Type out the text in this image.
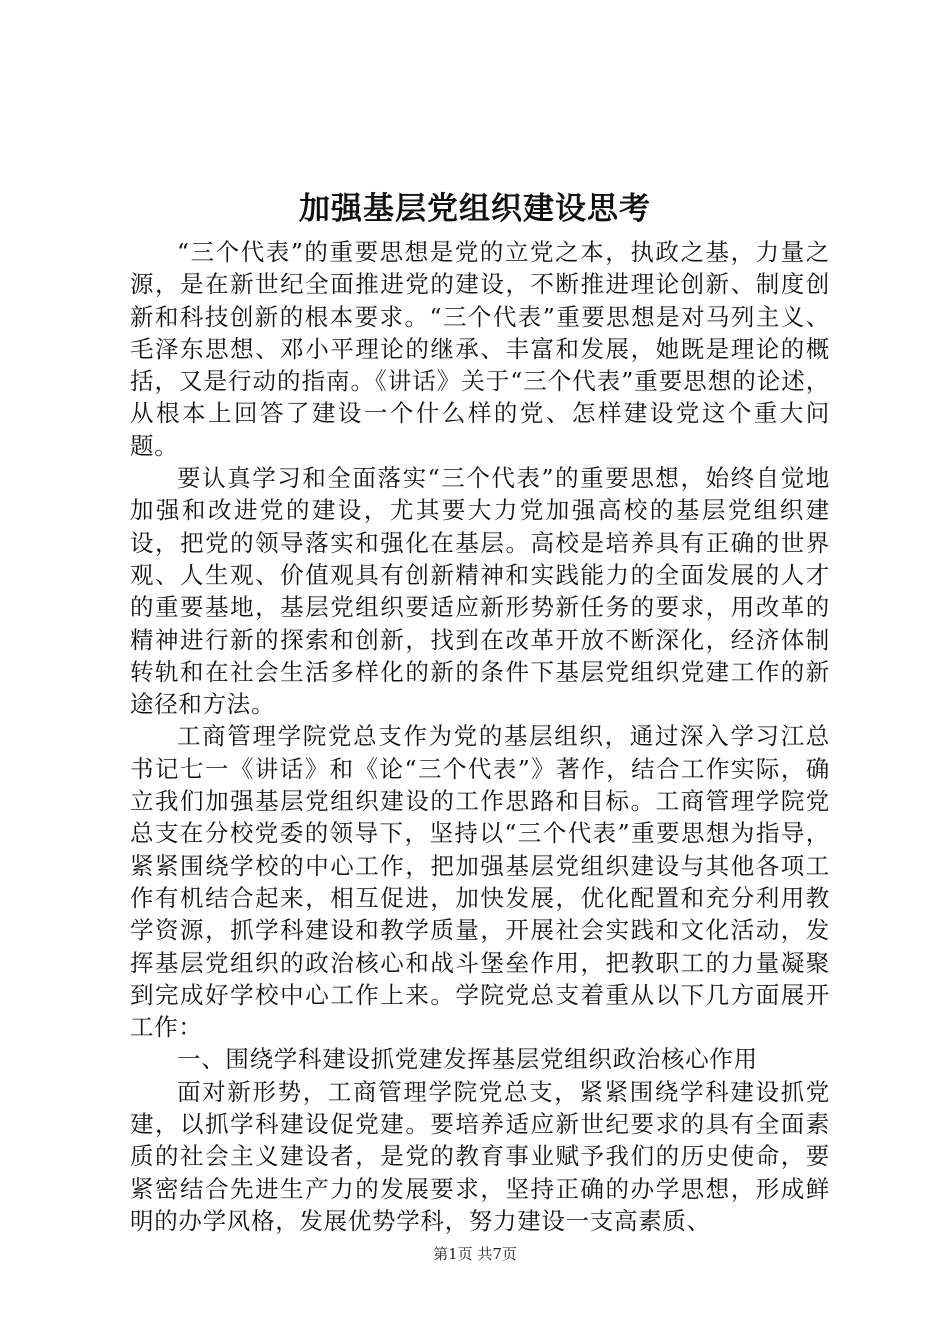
加强基层党组织建设思考

“三个代表”的重要思想是党的立党之本，执政之基，力量之源，是在新世纪全面推进党的建设，不断推进理论创新、制度创新和科技创新的根本要求。“三个代表”重要思想是对马列主义、毛泽东思想、邓小平理论的继承、丰富和发展，她既是理论的概括，又是行动的指南。《讲话》关于“三个代表”重要思想的论述，从根本上回答了建设一个什么样的党、怎样建设党这个重大问题。

要认真学习和全面落实“三个代表”的重要思想，始终自觉地加强和改进党的建设，尤其要大力党加强高校的基层党组织建设，把党的领导落实和强化在基层。高校是培养具有正确的世界观、人生观、价值观具有创新精神和实践能力的全面发展的人才的重要基地，基层党组织要适应新形势新任务的要求，用改革的精神进行新的探索和创新，找到在改革开放不断深化，经济体制转轨和在社会生活多样化的新的条件下基层党组织党建工作的新途径和方法。

工商管理学院党总支作为党的基层组织，通过深入学习江总书记七一《讲话》和《论“三个代表”》著作，结合工作实际，确立我们加强基层党组织建设的工作思路和目标。工商管理学院党总支在分校党委的领导下，坚持以“三个代表”重要思想为指导，紧紧围绕学校的中心工作，把加强基层党组织建设与其他各项工作有机结合起来，相互促进，加快发展，优化配置和充分利用教学资源，抓学科建设和教学质量，开展社会实践和文化活动，发挥基层党组织的政治核心和战斗堡垒作用，把教职工的力量凝聚到完成好学校中心工作上来。学院党总支着重从以下几方面展开工作：

一、围绕学科建设抓党建发挥基层党组织政治核心作用

面对新形势，工商管理学院党总支，紧紧围绕学科建设抓党建，以抓学科建设促党建。要培养适应新世纪要求的具有全面素质的社会主义建设者，是党的教育事业赋予我们的历史使命，要紧密结合先进生产力的发展要求，坚持正确的办学思想，形成鲜明的办学风格，发展优势学科，努力建设一支高素质、

第1页 共7页
